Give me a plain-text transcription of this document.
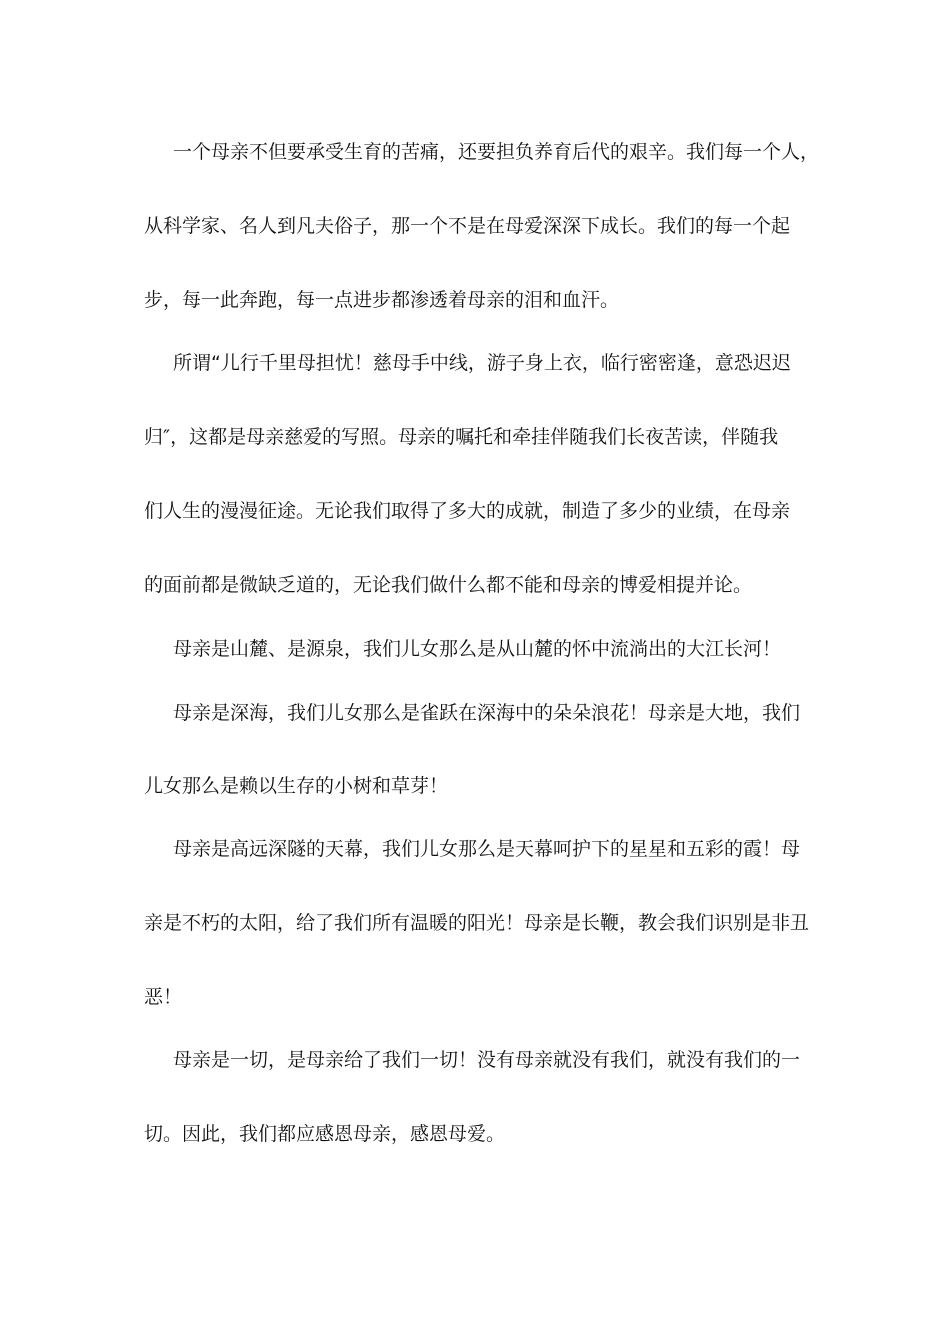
一个母亲不但要承受生育的苦痛，还要担负养育后代的艰辛。我们每一个人，
从科学家、名人到凡夫俗子，那一个不是在母爱深深下成长。我们的每一个起
步，每一此奔跑，每一点进步都渗透着母亲的泪和血汗。
所谓“儿行千里母担忧！慈母手中线，游子身上衣，临行密密逢，意恐迟迟
归″，这都是母亲慈爱的写照。母亲的嘱托和牵挂伴随我们长夜苦读，伴随我
们人生的漫漫征途。无论我们取得了多大的成就，制造了多少的业绩，在母亲
的面前都是微缺乏道的，无论我们做什么都不能和母亲的博爱相提并论。
母亲是山麓、是源泉，我们儿女那么是从山麓的怀中流淌出的大江长河！
母亲是深海，我们儿女那么是雀跃在深海中的朵朵浪花！母亲是大地，我们
儿女那么是赖以生存的小树和草芽！
母亲是高远深隧的天幕，我们儿女那么是天幕呵护下的星星和五彩的霞！母
亲是不朽的太阳，给了我们所有温暖的阳光！母亲是长鞭，教会我们识别是非丑
恶！
母亲是一切，是母亲给了我们一切！没有母亲就没有我们，就没有我们的一
切。因此，我们都应感恩母亲，感恩母爱。
